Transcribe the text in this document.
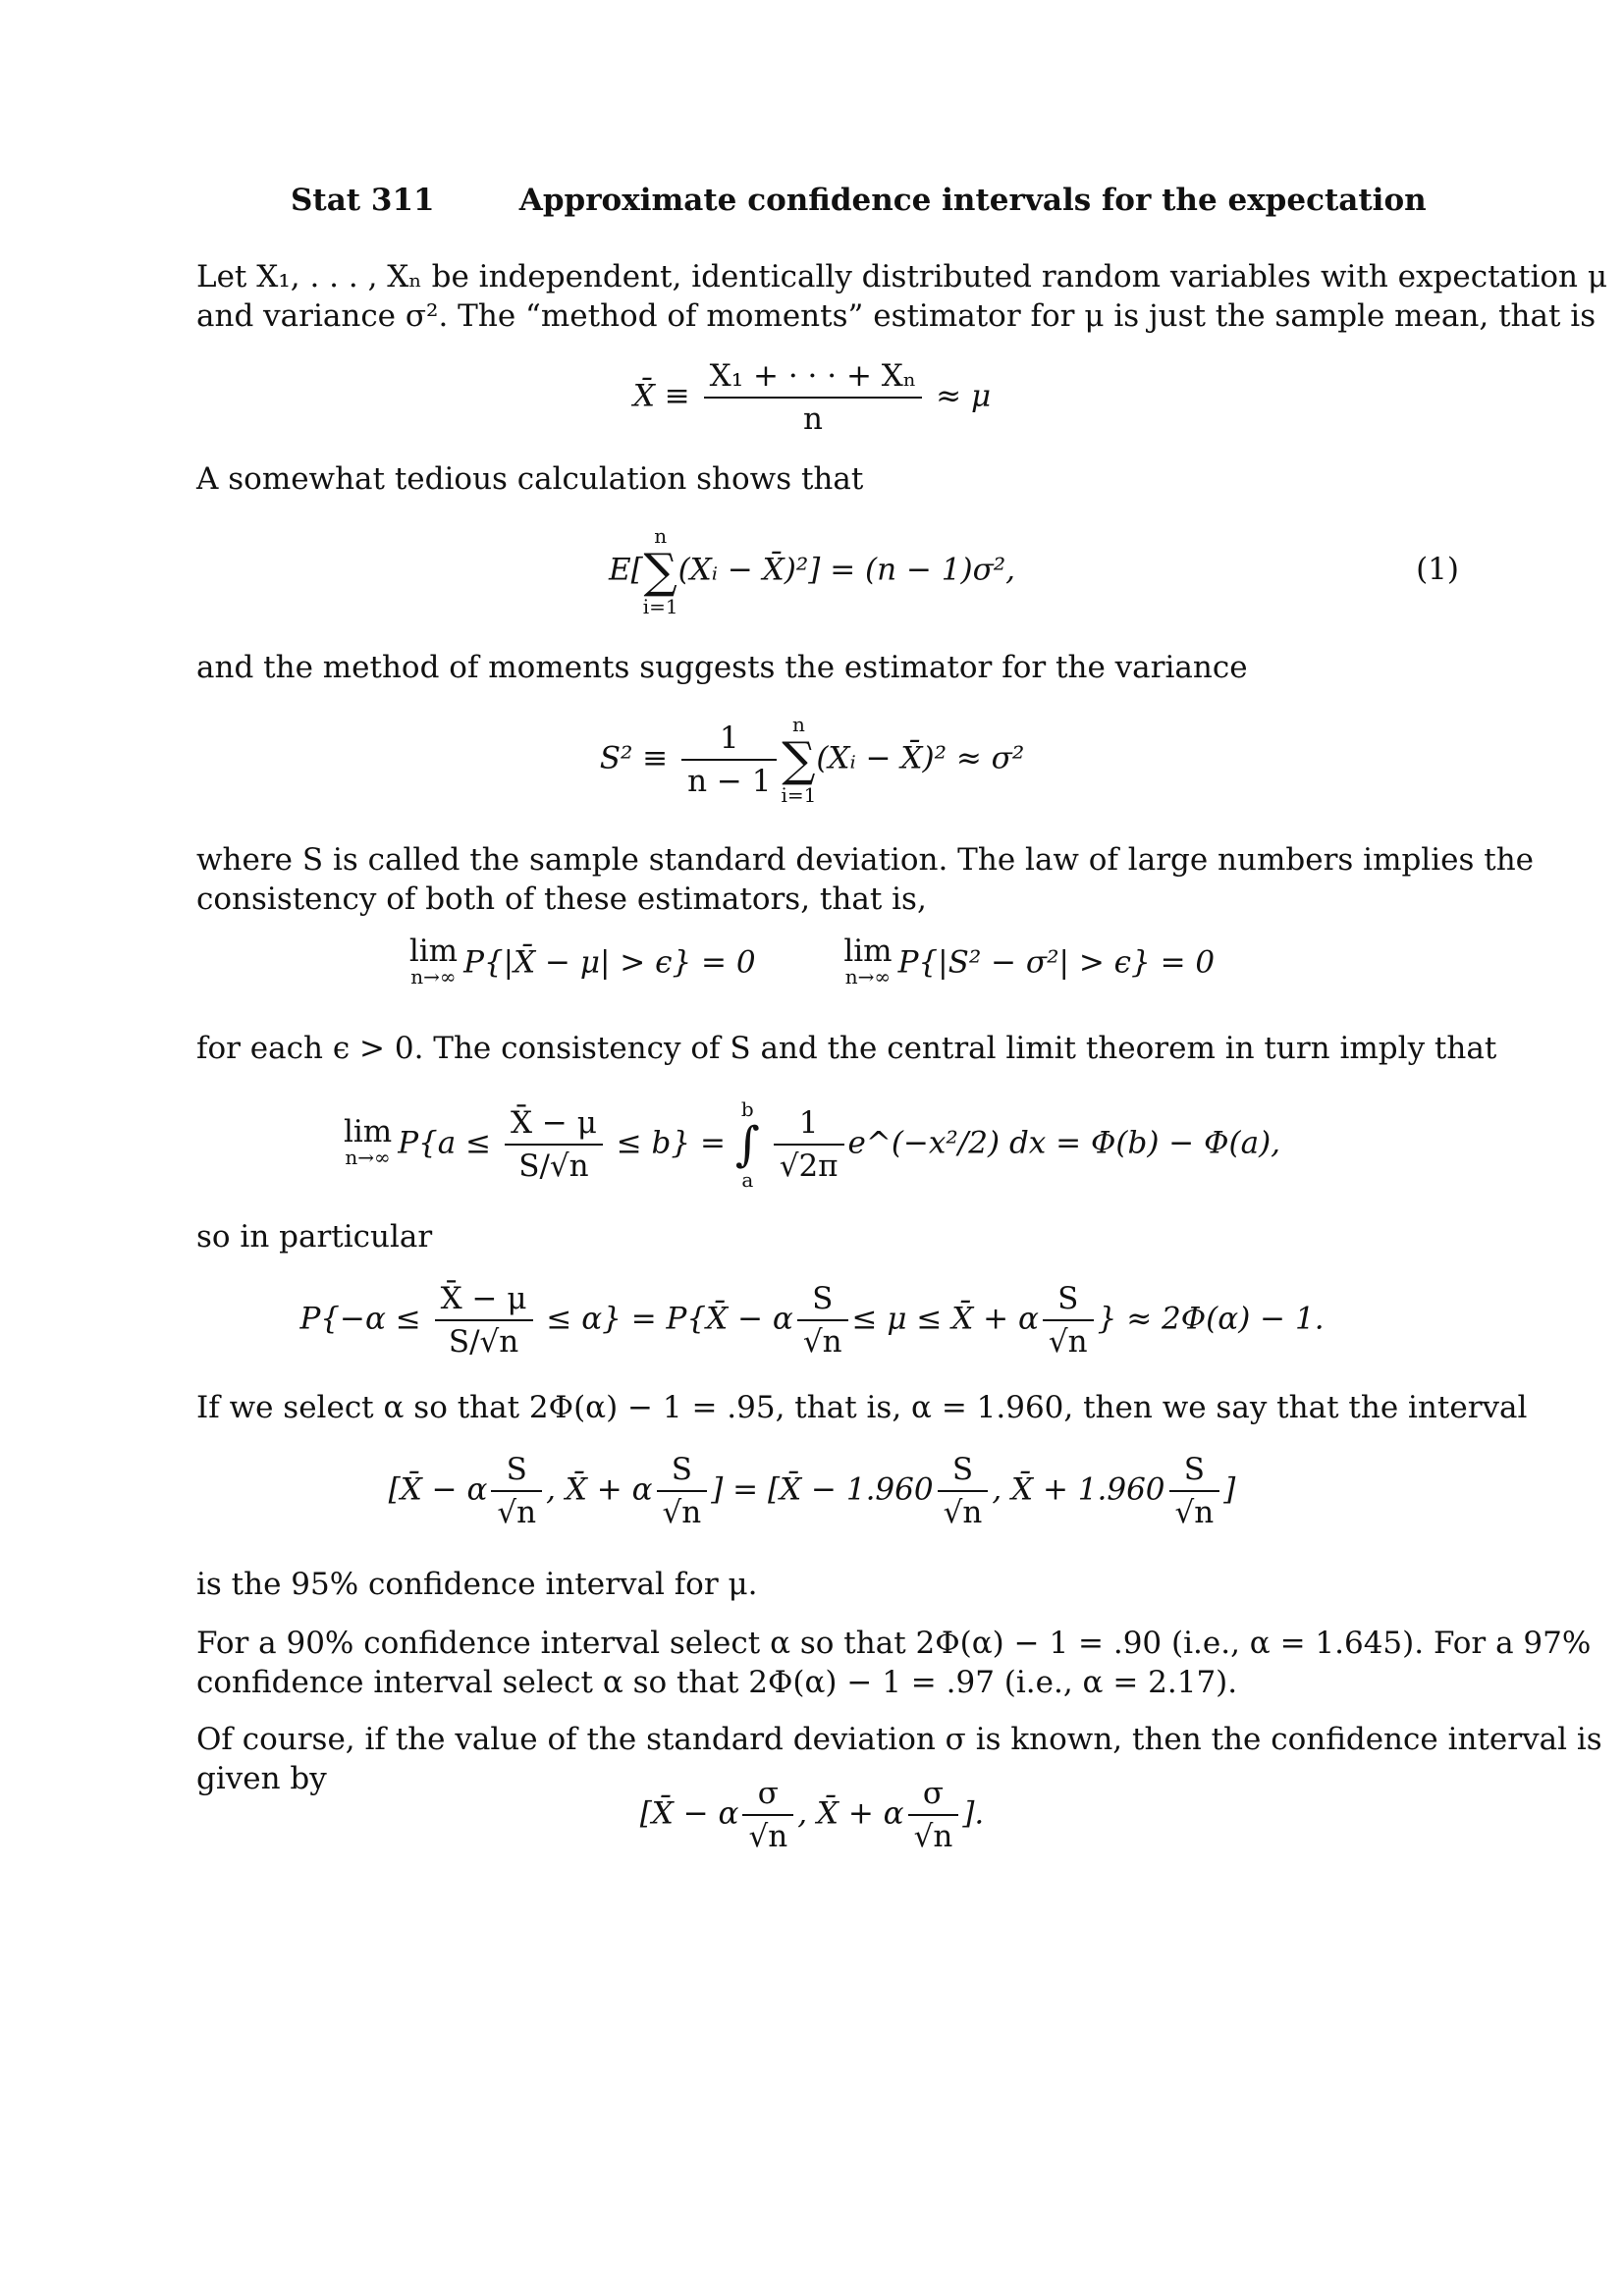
Stat 311	Approximate confidence intervals for the expectation
Let X₁, . . . , Xₙ be independent, identically distributed random variables with expectation μ
and variance σ². The “method of moments” estimator for μ is just the sample mean, that is
X̄ ≡ $\frac{\text{X₁ + · · · + Xₙ}}{n} \approx \mu$
A somewhat tedious calculation shows that
E[
n
∑
i=1
(Xᵢ − X̄)²] = (n − 1)σ²,	(1)
and the method of moments suggests the estimator for the variance
$S^2 \equiv \frac{1}{n - 1}$ n
∑
i=1
(Xᵢ − X̄)² ≈ σ²
where S is called the sample standard deviation. The law of large numbers implies the
consistency of both of these estimators, that is,
lim
n→∞ P{|X̄ − μ| > ϵ} = 0	lim
n→∞ P{|S² − σ²| > ϵ} = 0
for each ϵ > 0. The consistency of S and the central limit theorem in turn imply that
lim
n→∞ $P\{a \le \frac{X̄ - \mu}{S/√n} \le b\}$ =
b
∫
a
$\frac{1}{√2\pi}$ e^(−x²/2) dx = Φ(b) − Φ(a),
so in particular
$P\{-\alpha \le \frac{X̄ - \mu}{S/√n} \le \alpha\}$ = P{X̄ − α $\frac{S}{√n} \le \mu$ ≤ X̄ + α $\frac{S}{√n}$ } ≈ 2Φ(α) − 1.
If we select α so that 2Φ(α) − 1 = .95, that is, α = 1.960, then we say that the interval
[X̄ − α $\frac{S}{√n}$ , X̄ + α $\frac{S}{√n}$ ] = [X̄ − $1.960 \frac{S}{√n}$ , X̄ + $1.960 \frac{S}{√n}$ ]
is the 95% confidence interval for μ.
For a 90% confidence interval select α so that 2Φ(α) − 1 = .90 (i.e., α = 1.645). For a 97%
confidence interval select α so that 2Φ(α) − 1 = .97 (i.e., α = 2.17).
Of course, if the value of the standard deviation σ is known, then the confidence interval is
given by
[X̄ − α $\frac{\sigma}{√n}$ , X̄ + α $\frac{\sigma}{√n}$ ].
